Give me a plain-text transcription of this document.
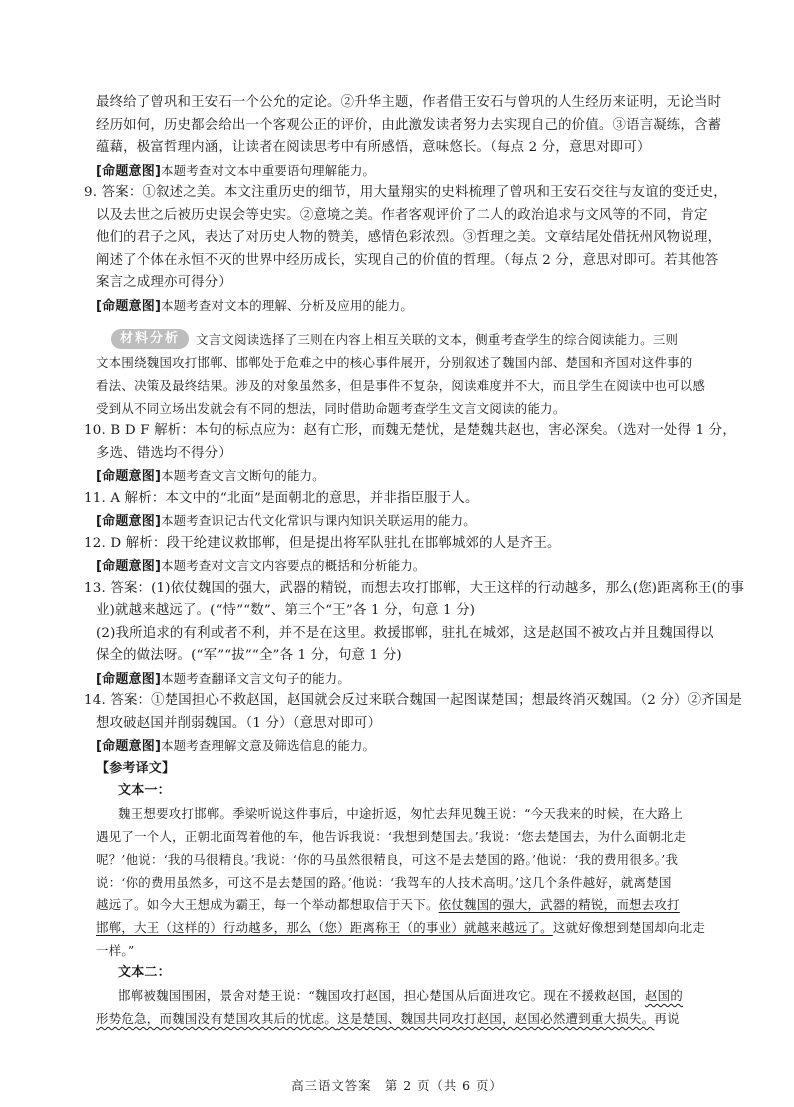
最终给了曾巩和王安石一个公允的定论。②升华主题，作者借王安石与曾巩的人生经历来证明，无论当时
经历如何，历史都会给出一个客观公正的评价，由此激发读者努力去实现自己的价值。③语言凝练，含蓄
蕴藉，极富哲理内涵，让读者在阅读思考中有所感悟，意味悠长。（每点 2 分，意思对即可）
[命题意图]本题考查对文本中重要语句理解能力。
9. 答案：①叙述之美。本文注重历史的细节，用大量翔实的史料梳理了曾巩和王安石交往与友谊的变迁史，
以及去世之后被历史误会等史实。②意境之美。作者客观评价了二人的政治追求与文风等的不同，肯定
他们的君子之风，表达了对历史人物的赞美，感情色彩浓烈。③哲理之美。文章结尾处借抚州风物说理，
阐述了个体在永恒不灭的世界中经历成长，实现自己的价值的哲理。（每点 2 分，意思对即可。若其他答
案言之成理亦可得分）
[命题意图]本题考查对文本的理解、分析及应用的能力。
材料分析	文言文阅读选择了三则在内容上相互关联的文本，侧重考查学生的综合阅读能力。三则
文本围绕魏国攻打邯郸、邯郸处于危难之中的核心事件展开，分别叙述了魏国内部、楚国和齐国对这件事的
看法、决策及最终结果。涉及的对象虽然多，但是事件不复杂，阅读难度并不大，而且学生在阅读中也可以感
受到从不同立场出发就会有不同的想法，同时借助命题考查学生文言文阅读的能力。
10. B D F 解析：本句的标点应为：赵有亡形，而魏无楚忧，是楚魏共赵也，害必深矣。（选对一处得 1 分，
多选、错选均不得分）
[命题意图]本题考查文言文断句的能力。
11. A 解析：本文中的“北面”是面朝北的意思，并非指臣服于人。
[命题意图]本题考查识记古代文化常识与课内知识关联运用的能力。
12. D 解析：段干纶建议救邯郸，但是提出将军队驻扎在邯郸城郊的人是齐王。
[命题意图]本题考查对文言文内容要点的概括和分析能力。
13. 答案：(1)依仗魏国的强大，武器的精锐，而想去攻打邯郸，大王这样的行动越多，那么(您)距离称王(的事
业)就越来越远了。(“恃”“数”、第三个“王”各 1 分，句意 1 分)
(2)我所追求的有利或者不利，并不是在这里。救援邯郸，驻扎在城郊，这是赵国不被攻占并且魏国得以
保全的做法呀。(“军”“拔”“全”各 1 分，句意 1 分)
[命题意图]本题考查翻译文言文句子的能力。
14. 答案：①楚国担心不救赵国，赵国就会反过来联合魏国一起图谋楚国；想最终消灭魏国。（2 分）②齐国是
想攻破赵国并削弱魏国。（1 分）（意思对即可）
[命题意图]本题考查理解文意及筛选信息的能力。
【参考译文】
文本一：
魏王想要攻打邯郸。季梁听说这件事后，中途折返，匆忙去拜见魏王说：“今天我来的时候，在大路上
遇见了一个人，正朝北面驾着他的车，他告诉我说：‘我想到楚国去。’我说：‘您去楚国去，为什么面朝北走
呢？’他说：‘我的马很精良。’我说：‘你的马虽然很精良，可这不是去楚国的路。’他说：‘我的费用很多。’我
说：‘你的费用虽然多，可这不是去楚国的路。’他说：‘我驾车的人技术高明。’这几个条件越好，就离楚国
越远了。如今大王想成为霸王，每一个举动都想取信于天下。依仗魏国的强大，武器的精锐，而想去攻打
邯郸，大王（这样的）行动越多，那么（您）距离称王（的事业）就越来越远了。这就好像想到楚国却向北走
一样。”
文本二：
邯郸被魏国围困，景舍对楚王说：“魏国攻打赵国，担心楚国从后面进攻它。现在不援救赵国，赵国的
形势危急，而魏国没有楚国攻其后的忧虑。这是楚国、魏国共同攻打赵国，赵国必然遭到重大损失。再说
高三语文答案　第 2 页（共 6 页）
